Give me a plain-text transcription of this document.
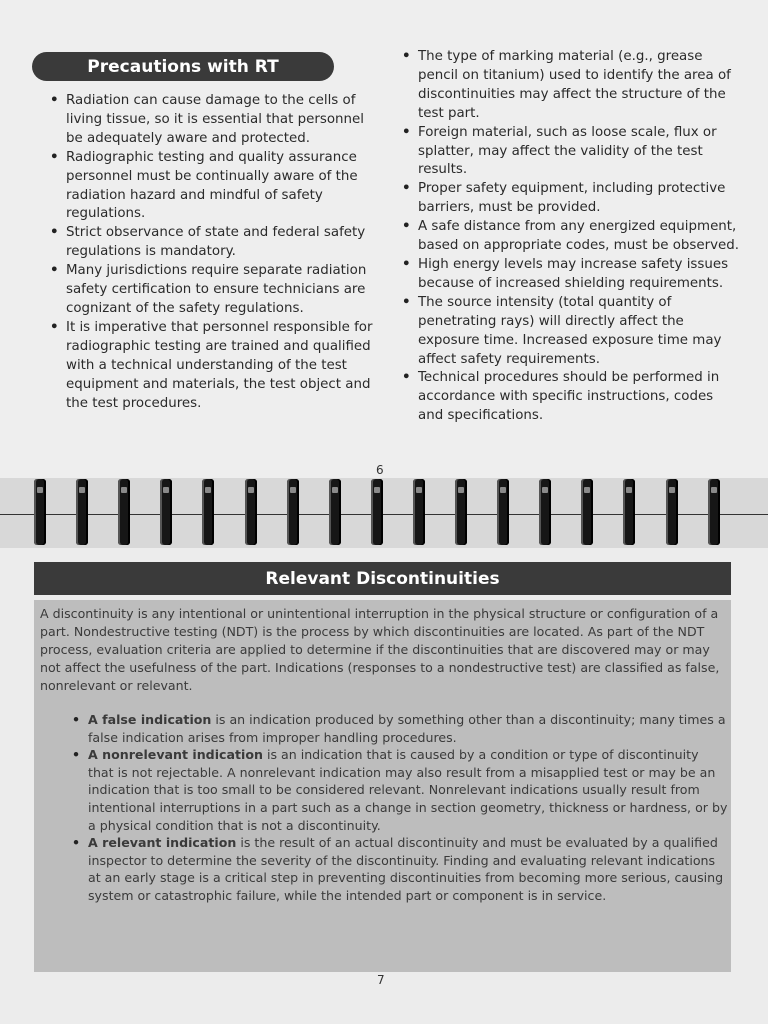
Precautions with RT
• Radiation can cause damage to the cells of living tissue, so it is essential that personnel be adequately aware and protected.
• Radiographic testing and quality assurance personnel must be continually aware of the radiation hazard and mindful of safety regulations.
• Strict observance of state and federal safety regulations is mandatory.
• Many jurisdictions require separate radiation safety certification to ensure technicians are cognizant of the safety regulations.
• It is imperative that personnel responsible for radiographic testing are trained and qualified with a technical understanding of the test equipment and materials, the test object and the test procedures.
• The type of marking material (e.g., grease pencil on titanium) used to identify the area of discontinuities may affect the structure of the test part.
• Foreign material, such as loose scale, flux or splatter, may affect the validity of the test results.
• Proper safety equipment, including protective barriers, must be provided.
• A safe distance from any energized equipment, based on appropriate codes, must be observed.
• High energy levels may increase safety issues because of increased shielding requirements.
• The source intensity (total quantity of penetrating rays) will directly affect the exposure time. Increased exposure time may affect safety requirements.
• Technical procedures should be performed in accordance with specific instructions, codes and specifications.
6
Relevant Discontinuities
A discontinuity is any intentional or unintentional interruption in the physical structure or configuration of a part. Nondestructive testing (NDT) is the process by which discontinuities are located. As part of the NDT process, evaluation criteria are applied to determine if the discontinuities that are discovered may or may not affect the usefulness of the part. Indications (responses to a nondestructive test) are classified as false, nonrelevant or relevant.
• A false indication is an indication produced by something other than a discontinuity; many times a false indication arises from improper handling procedures.
• A nonrelevant indication is an indication that is caused by a condition or type of discontinuity that is not rejectable. A nonrelevant indication may also result from a misapplied test or may be an indication that is too small to be considered relevant. Nonrelevant indications usually result from intentional interruptions in a part such as a change in section geometry, thickness or hardness, or by a physical condition that is not a discontinuity.
• A relevant indication is the result of an actual discontinuity and must be evaluated by a qualified inspector to determine the severity of the discontinuity. Finding and evaluating relevant indications at an early stage is a critical step in preventing discontinuities from becoming more serious, causing system or catastrophic failure, while the intended part or component is in service.
7
